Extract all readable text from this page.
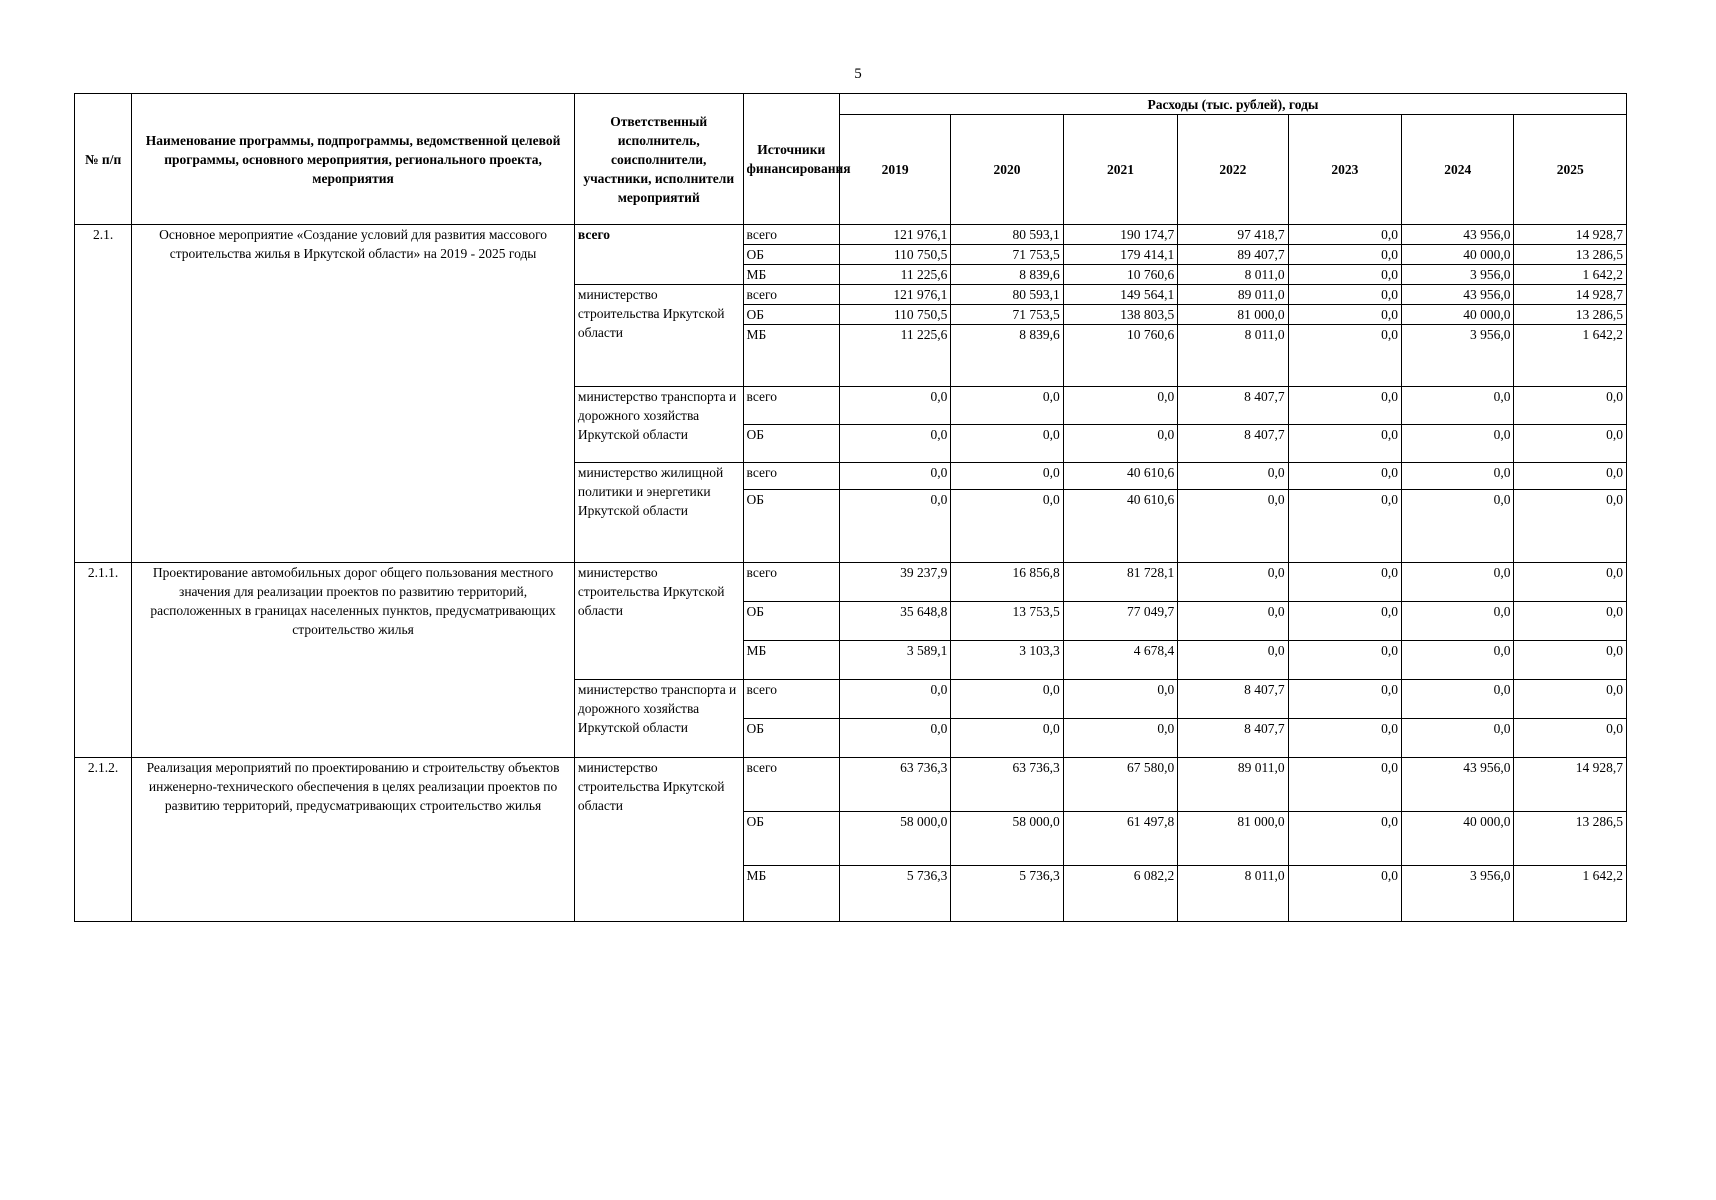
5
№ п/п	Наименование программы, подпрограммы, ведомственной целевой программы, основного мероприятия, регионального проекта, мероприятия	Ответственный исполнитель, соисполнители, участники, исполнители мероприятий	Источники финансирования	Расходы (тыс. рублей), годы						
				2019	2020	2021	2022	2023	2024	2025
2.1.	Основное мероприятие «Создание условий для развития массового строительства жилья в Иркутской области» на 2019 - 2025 годы	всего	всего	121 976,1	80 593,1	190 174,7	97 418,7	0,0	43 956,0	14 928,7
			ОБ	110 750,5	71 753,5	179 414,1	89 407,7	0,0	40 000,0	13 286,5
			МБ	11 225,6	8 839,6	10 760,6	8 011,0	0,0	3 956,0	1 642,2
		министерство строительства Иркутской области	всего	121 976,1	80 593,1	149 564,1	89 011,0	0,0	43 956,0	14 928,7
			ОБ	110 750,5	71 753,5	138 803,5	81 000,0	0,0	40 000,0	13 286,5
			МБ	11 225,6	8 839,6	10 760,6	8 011,0	0,0	3 956,0	1 642,2
		министерство транспорта и дорожного хозяйства Иркутской области	всего	0,0	0,0	0,0	8 407,7	0,0	0,0	0,0
			ОБ	0,0	0,0	0,0	8 407,7	0,0	0,0	0,0
		министерство жилищной политики и энергетики Иркутской области	всего	0,0	0,0	40 610,6	0,0	0,0	0,0	0,0
			ОБ	0,0	0,0	40 610,6	0,0	0,0	0,0	0,0
2.1.1.	Проектирование автомобильных дорог общего пользования местного значения для реализации проектов по развитию территорий, расположенных в границах населенных пунктов, предусматривающих строительство жилья	министерство строительства Иркутской области	всего	39 237,9	16 856,8	81 728,1	0,0	0,0	0,0	0,0
			ОБ	35 648,8	13 753,5	77 049,7	0,0	0,0	0,0	0,0
			МБ	3 589,1	3 103,3	4 678,4	0,0	0,0	0,0	0,0
		министерство транспорта и дорожного хозяйства Иркутской области	всего	0,0	0,0	0,0	8 407,7	0,0	0,0	0,0
			ОБ	0,0	0,0	0,0	8 407,7	0,0	0,0	0,0
2.1.2.	Реализация мероприятий по проектированию и строительству объектов инженерно-технического обеспечения в целях реализации проектов по развитию территорий, предусматривающих строительство жилья	министерство строительства Иркутской области	всего	63 736,3	63 736,3	67 580,0	89 011,0	0,0	43 956,0	14 928,7
			ОБ	58 000,0	58 000,0	61 497,8	81 000,0	0,0	40 000,0	13 286,5
			МБ	5 736,3	5 736,3	6 082,2	8 011,0	0,0	3 956,0	1 642,2
